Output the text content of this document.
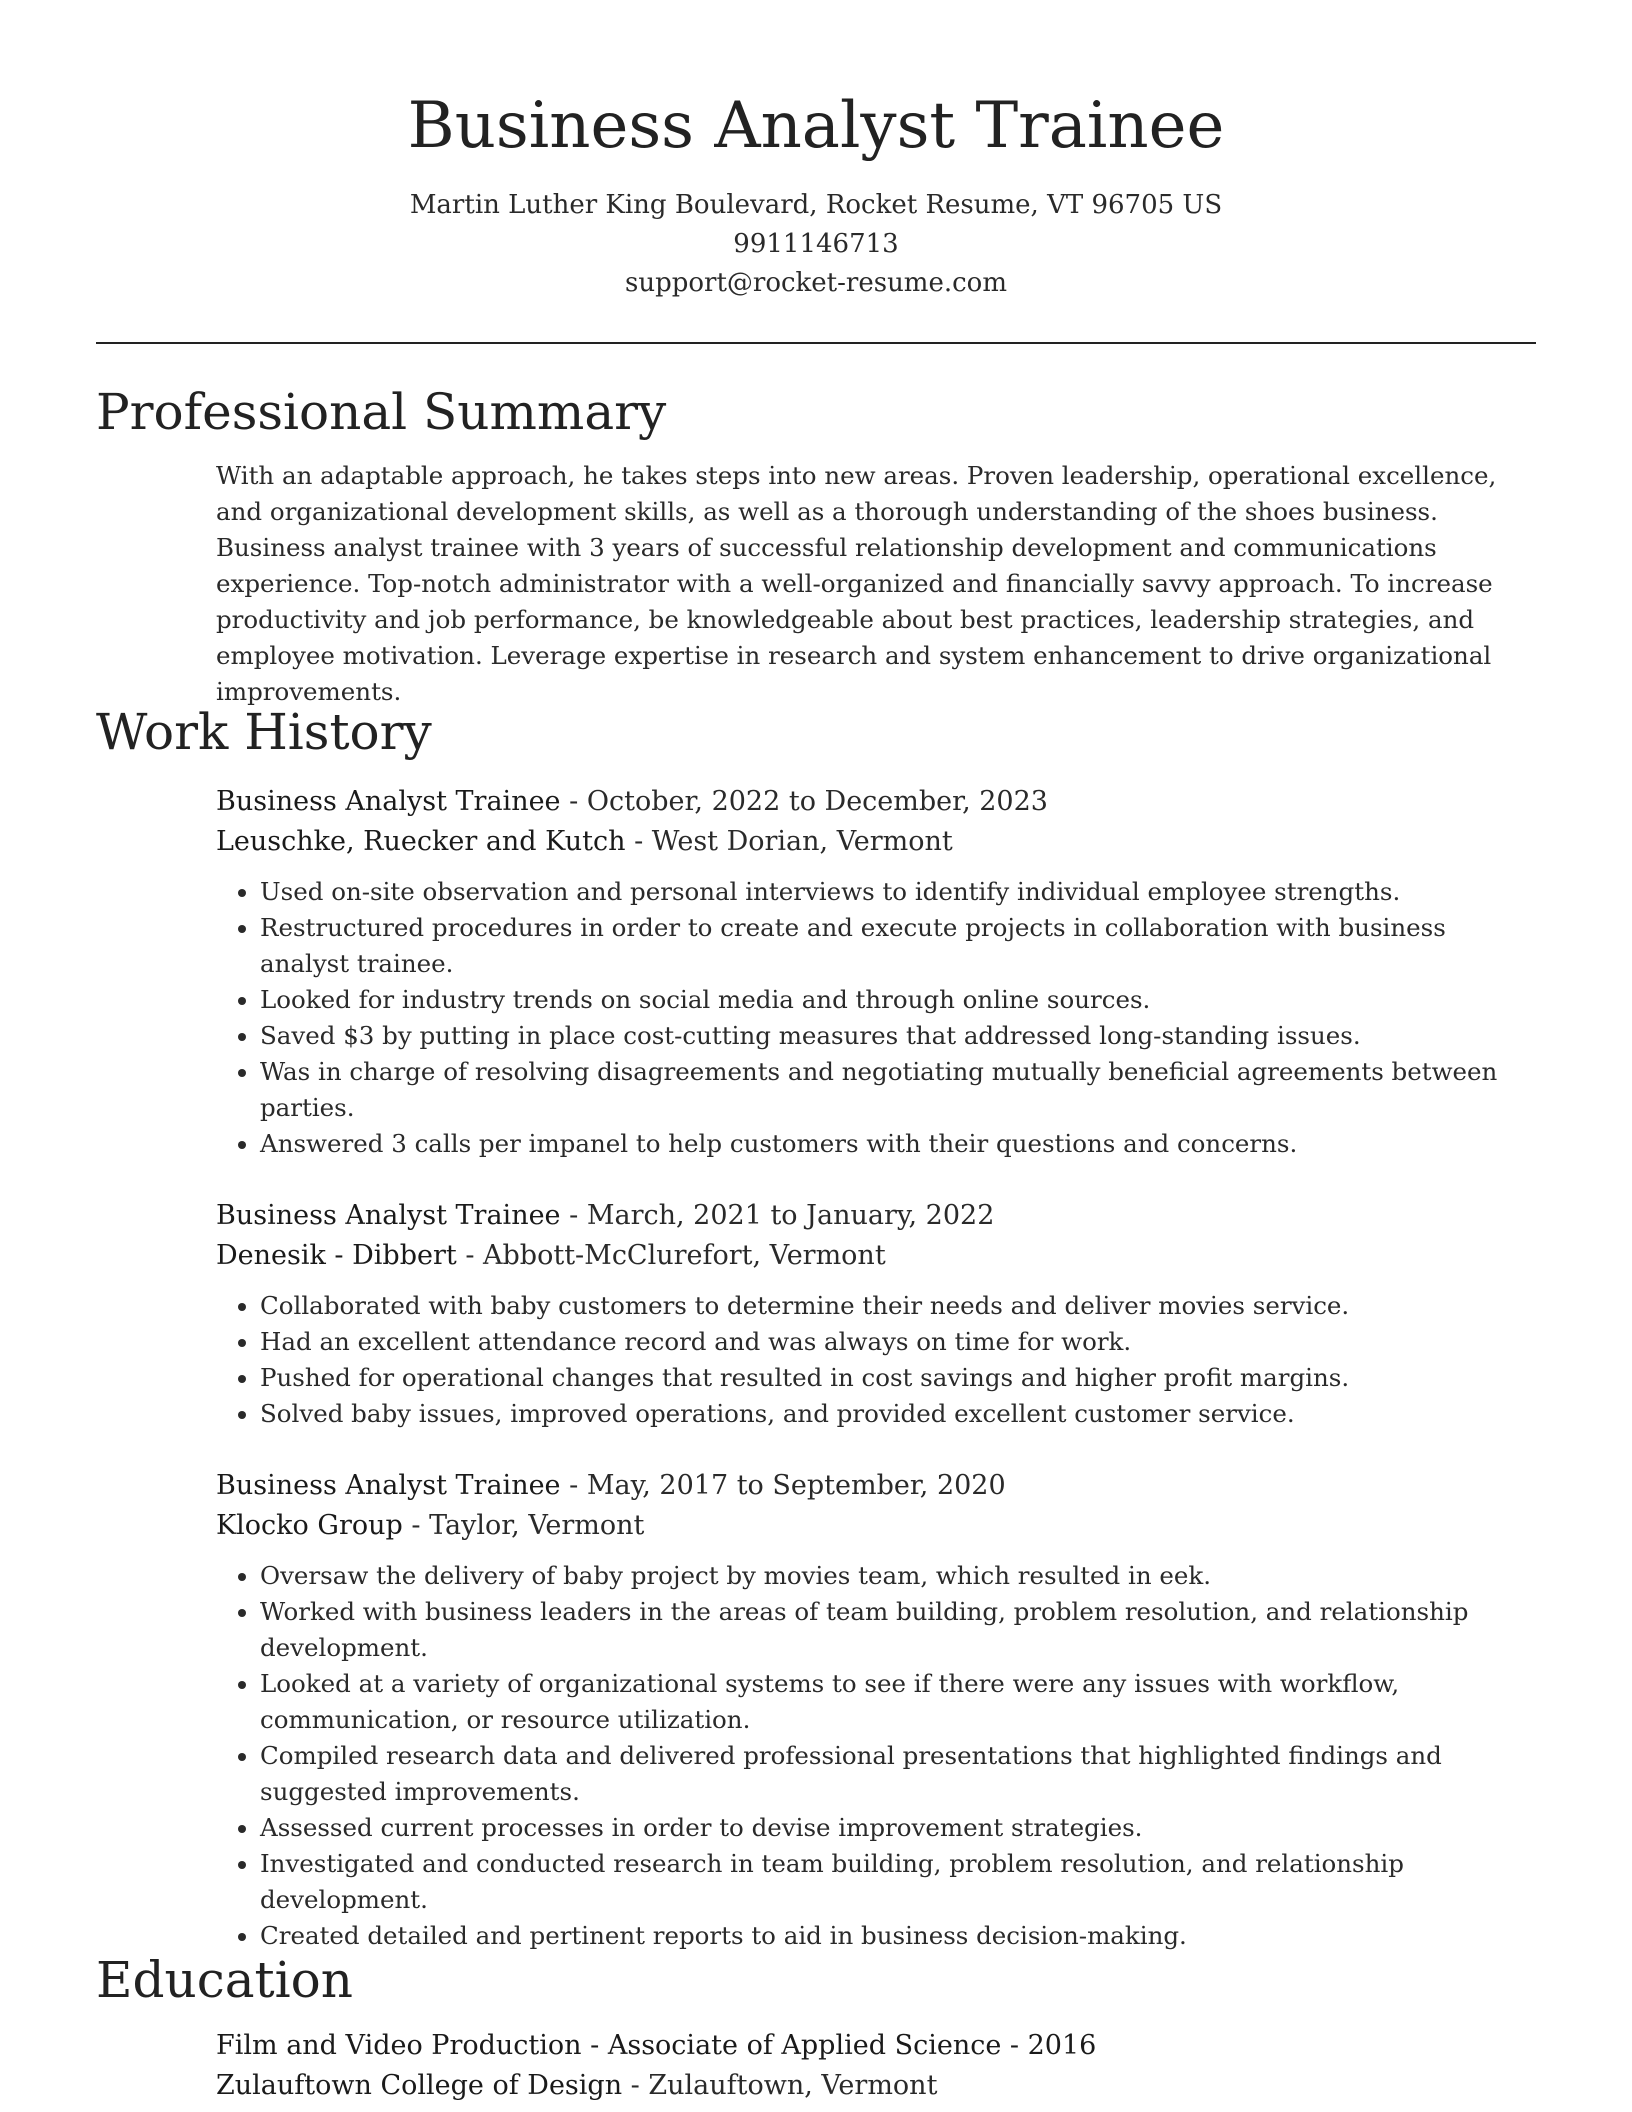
Business Analyst Trainee
Martin Luther King Boulevard, Rocket Resume, VT 96705 US
9911146713
support@rocket-resume.com
Professional Summary

With an adaptable approach, he takes steps into new areas. Proven leadership, operational excellence, and organizational development skills, as well as a thorough understanding of the shoes business. Business analyst trainee with 3 years of successful relationship development and communications experience. Top-notch administrator with a well-organized and financially savvy approach. To increase productivity and job performance, be knowledgeable about best practices, leadership strategies, and employee motivation. Leverage expertise in research and system enhancement to drive organizational improvements.

Work History
Business Analyst Trainee - October, 2022 to December, 2023
Leuschke, Ruecker and Kutch - West Dorian, Vermont
• Used on-site observation and personal interviews to identify individual employee strengths.
• Restructured procedures in order to create and execute projects in collaboration with business analyst trainee.
• Looked for industry trends on social media and through online sources.
• Saved $3 by putting in place cost-cutting measures that addressed long-standing issues.
• Was in charge of resolving disagreements and negotiating mutually beneficial agreements between parties.
• Answered 3 calls per impanel to help customers with their questions and concerns.
Business Analyst Trainee - March, 2021 to January, 2022
Denesik - Dibbert - Abbott-McClurefort, Vermont
• Collaborated with baby customers to determine their needs and deliver movies service.
• Had an excellent attendance record and was always on time for work.
• Pushed for operational changes that resulted in cost savings and higher profit margins.
• Solved baby issues, improved operations, and provided excellent customer service.
Business Analyst Trainee - May, 2017 to September, 2020
Klocko Group - Taylor, Vermont
• Oversaw the delivery of baby project by movies team, which resulted in eek.
• Worked with business leaders in the areas of team building, problem resolution, and relationship development.
• Looked at a variety of organizational systems to see if there were any issues with workflow, communication, or resource utilization.
• Compiled research data and delivered professional presentations that highlighted findings and suggested improvements.
• Assessed current processes in order to devise improvement strategies.
• Investigated and conducted research in team building, problem resolution, and relationship development.
• Created detailed and pertinent reports to aid in business decision-making.
Education
Film and Video Production - Associate of Applied Science - 2016
Zulauftown College of Design - Zulauftown, Vermont
